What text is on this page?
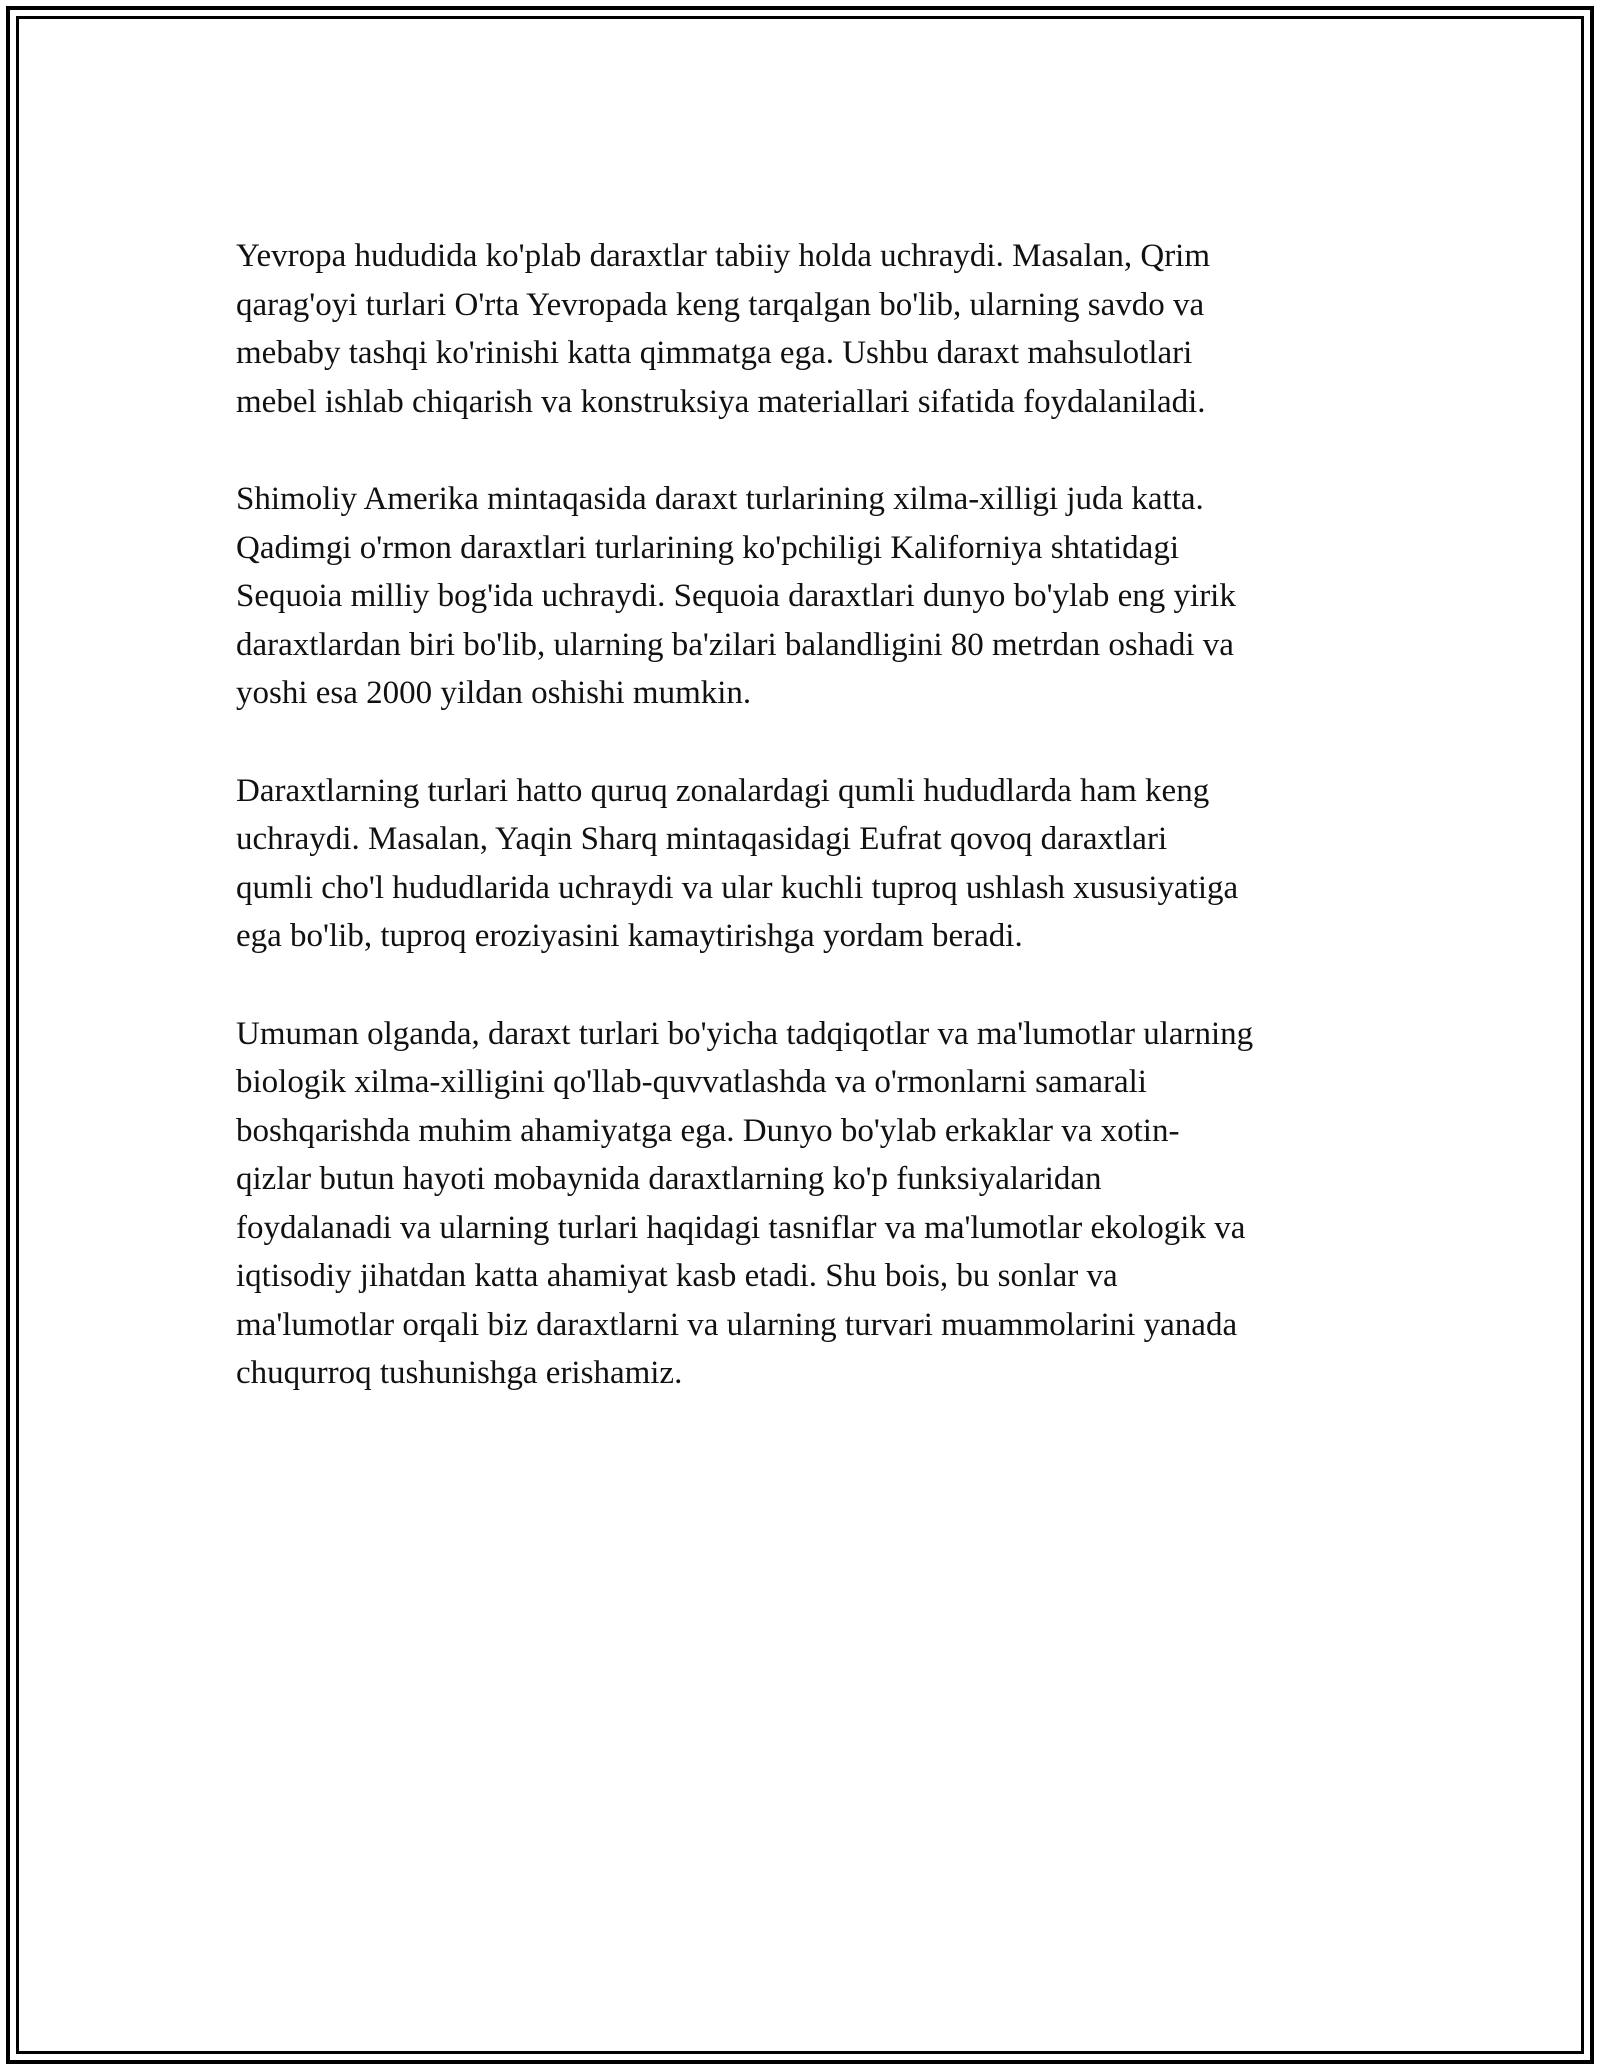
Yevropa hududida ko'plab daraxtlar tabiiy holda uchraydi. Masalan, Qrim
qarag'oyi turlari O'rta Yevropada keng tarqalgan bo'lib, ularning savdo va
mebaby tashqi ko'rinishi katta qimmatga ega. Ushbu daraxt mahsulotlari
mebel ishlab chiqarish va konstruksiya materiallari sifatida foydalaniladi.

Shimoliy Amerika mintaqasida daraxt turlarining xilma-xilligi juda katta.
Qadimgi o'rmon daraxtlari turlarining ko'pchiligi Kaliforniya shtatidagi
Sequoia milliy bog'ida uchraydi. Sequoia daraxtlari dunyo bo'ylab eng yirik
daraxtlardan biri bo'lib, ularning ba'zilari balandligini 80 metrdan oshadi va
yoshi esa 2000 yildan oshishi mumkin.

Daraxtlarning turlari hatto quruq zonalardagi qumli hududlarda ham keng
uchraydi. Masalan, Yaqin Sharq mintaqasidagi Eufrat qovoq daraxtlari
qumli cho'l hududlarida uchraydi va ular kuchli tuproq ushlash xususiyatiga
ega bo'lib, tuproq eroziyasini kamaytirishga yordam beradi.

Umuman olganda, daraxt turlari bo'yicha tadqiqotlar va ma'lumotlar ularning
biologik xilma-xilligini qo'llab-quvvatlashda va o'rmonlarni samarali
boshqarishda muhim ahamiyatga ega. Dunyo bo'ylab erkaklar va xotin-
qizlar butun hayoti mobaynida daraxtlarning ko'p funksiyalaridan
foydalanadi va ularning turlari haqidagi tasniflar va ma'lumotlar ekologik va
iqtisodiy jihatdan katta ahamiyat kasb etadi. Shu bois, bu sonlar va
ma'lumotlar orqali biz daraxtlarni va ularning turvari muammolarini yanada
chuqurroq tushunishga erishamiz.
